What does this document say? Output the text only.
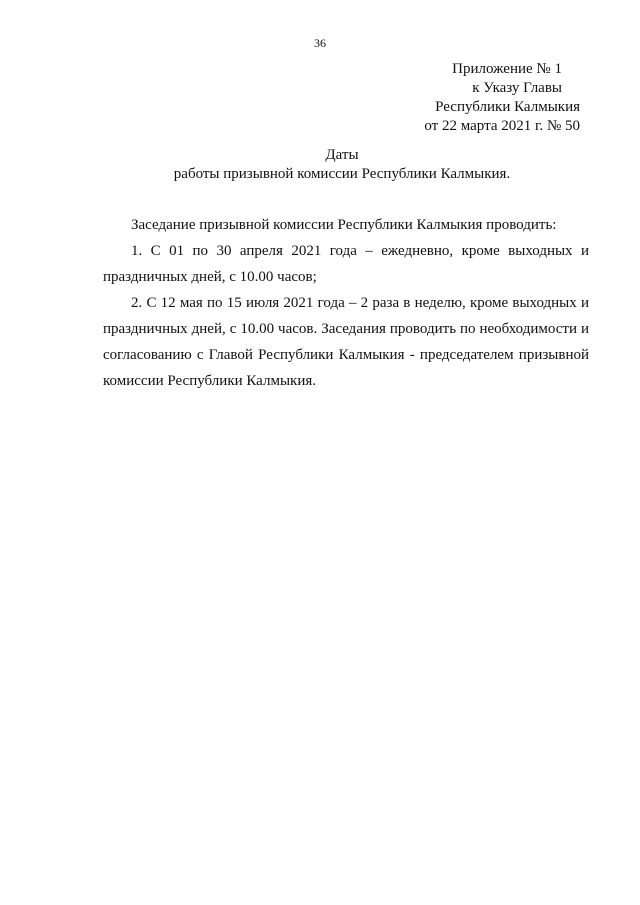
36
Приложение № 1
к Указу Главы
Республики Калмыкия
от 22 марта 2021 г. № 50
Даты
работы призывной комиссии Республики Калмыкия.

Заседание призывной комиссии Республики Калмыкия проводить:

1. С 01 по 30 апреля 2021 года – ежедневно, кроме выходных и праздничных дней, с 10.00 часов;

2. С 12 мая по 15 июля 2021 года – 2 раза в неделю, кроме выходных и праздничных дней, с 10.00 часов. Заседания проводить по необходимости и согласованию с Главой Республики Калмыкия - председателем призывной комиссии Республики Калмыкия.
